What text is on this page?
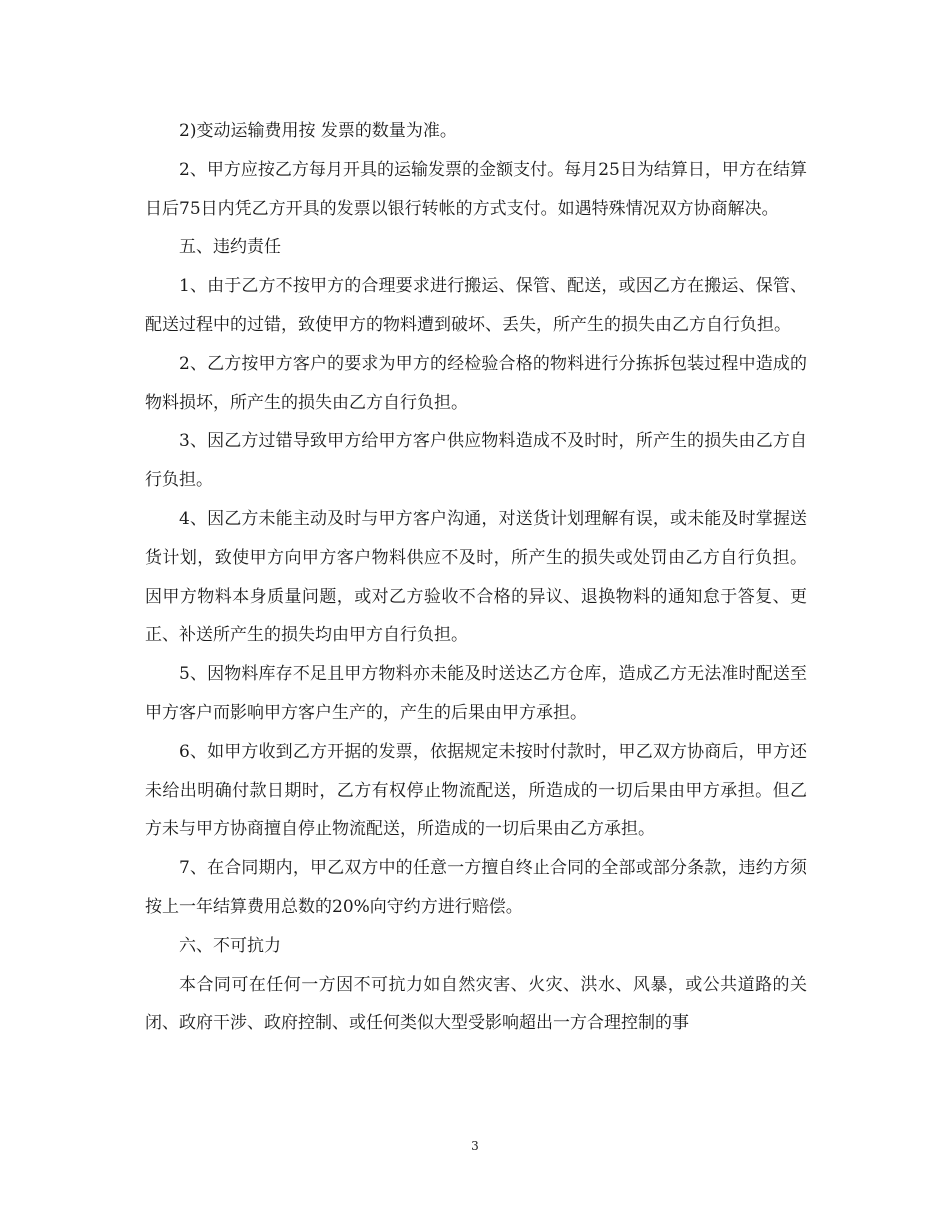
2)变动运输费用按 发票的数量为准。

2、甲方应按乙方每月开具的运输发票的金额支付。每月25日为结算日，甲方在结算日后75日内凭乙方开具的发票以银行转帐的方式支付。如遇特殊情况双方协商解决。

五、违约责任

1、由于乙方不按甲方的合理要求进行搬运、保管、配送，或因乙方在搬运、保管、配送过程中的过错，致使甲方的物料遭到破坏、丢失，所产生的损失由乙方自行负担。

2、乙方按甲方客户的要求为甲方的经检验合格的物料进行分拣拆包装过程中造成的物料损坏，所产生的损失由乙方自行负担。

3、因乙方过错导致甲方给甲方客户供应物料造成不及时时，所产生的损失由乙方自行负担。

4、因乙方未能主动及时与甲方客户沟通，对送货计划理解有误，或未能及时掌握送货计划，致使甲方向甲方客户物料供应不及时，所产生的损失或处罚由乙方自行负担。因甲方物料本身质量问题，或对乙方验收不合格的异议、退换物料的通知怠于答复、更正、补送所产生的损失均由甲方自行负担。

5、因物料库存不足且甲方物料亦未能及时送达乙方仓库，造成乙方无法准时配送至甲方客户而影响甲方客户生产的，产生的后果由甲方承担。

6、如甲方收到乙方开据的发票，依据规定未按时付款时，甲乙双方协商后，甲方还未给出明确付款日期时，乙方有权停止物流配送，所造成的一切后果由甲方承担。但乙方未与甲方协商擅自停止物流配送，所造成的一切后果由乙方承担。

7、在合同期内，甲乙双方中的任意一方擅自终止合同的全部或部分条款，违约方须按上一年结算费用总数的20%向守约方进行赔偿。

六、不可抗力

本合同可在任何一方因不可抗力如自然灾害、火灾、洪水、风暴，或公共道路的关闭、政府干涉、政府控制、或任何类似大型受影响超出一方合理控制的事

3
